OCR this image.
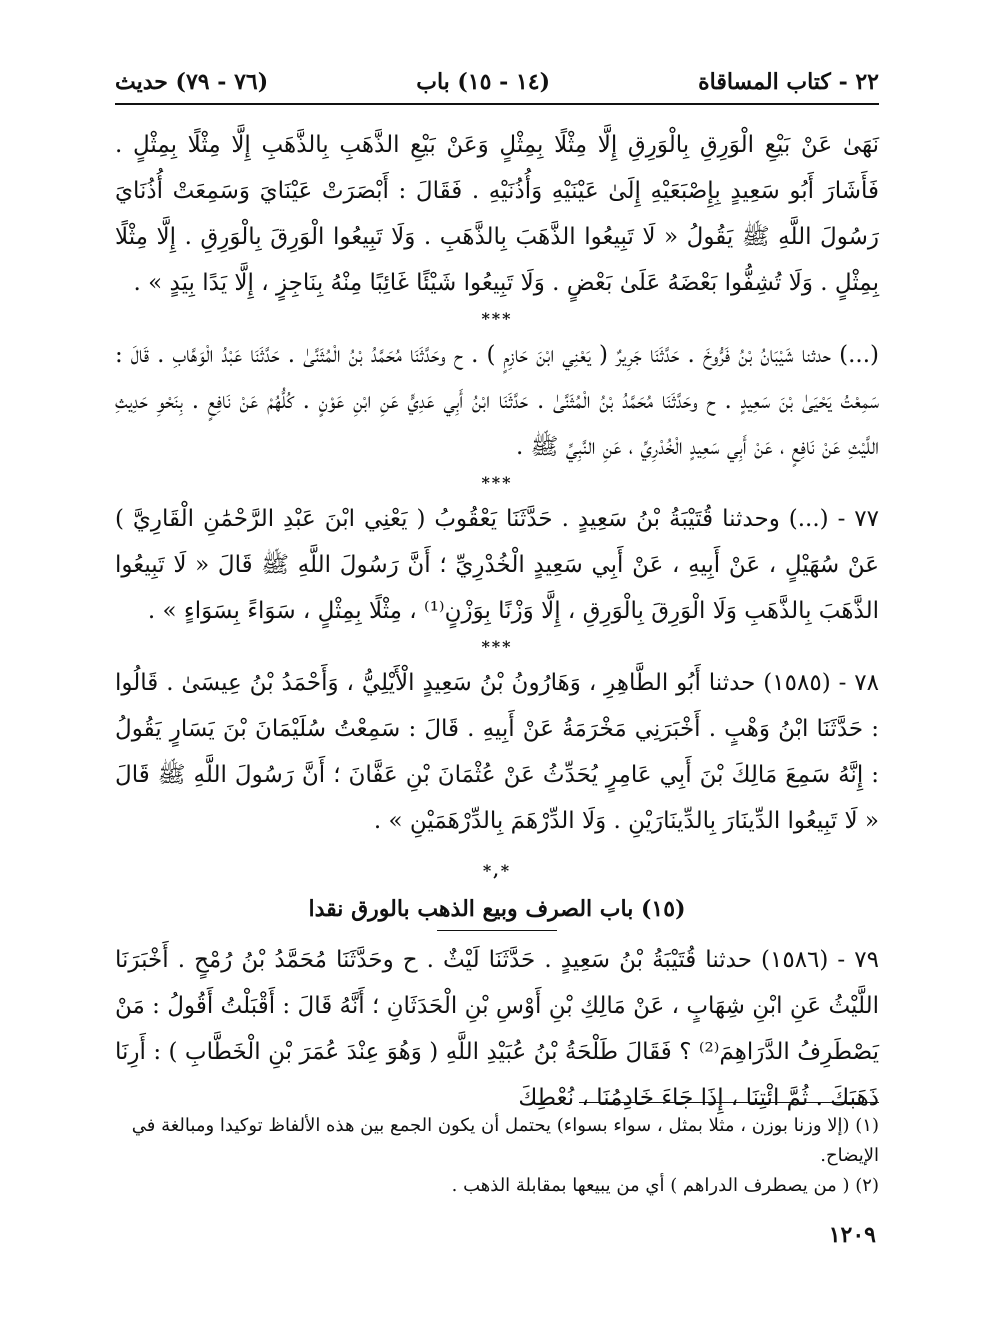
٢٢ - كتاب المساقاة
(١٤ - ١٥) باب
(٧٦ - ٧٩) حديث

نَهَىٰ عَنْ بَيْعِ الْوَرِقِ بِالْوَرِقِ إِلَّا مِثْلًا بِمِثْلٍ وَعَنْ بَيْعِ الذَّهَبِ بِالذَّهَبِ إِلَّا مِثْلًا بِمِثْلٍ . فَأَشَارَ أَبُو سَعِيدٍ بِإِصْبَعَيْهِ إِلَىٰ عَيْنَيْهِ وَأُذُنَيْهِ . فَقَالَ : أَبْصَرَتْ عَيْنَايَ وَسَمِعَتْ أُذُنَايَ رَسُولَ اللَّهِ ﷺ يَقُولُ « لَا تَبِيعُوا الذَّهَبَ بِالذَّهَبِ . وَلَا تَبِيعُوا الْوَرِقَ بِالْوَرِقِ . إِلَّا مِثْلًا بِمِثْلٍ . وَلَا تُشِفُّوا بَعْضَهُ عَلَىٰ بَعْضٍ . وَلَا تَبِيعُوا شَيْئًا غَائِبًا مِنْهُ بِنَاجِزٍ ، إِلَّا يَدًا بِيَدٍ » .

***

(...) حدثنا شَيْبَانُ بْنُ فَرُّوخَ . حَدَّثَنَا جَرِيرٌ ( يَعْنِي ابْنَ حَازِمٍ ) . ح وحَدَّثَنَا مُحَمَّدُ بْنُ الْمُثَنَّىٰ . حَدَّثَنَا عَبْدُ الْوَهَّابِ . قَالَ : سَمِعْتُ يَحْيَىٰ بْنَ سَعِيدٍ . ح وحَدَّثَنَا مُحَمَّدُ بْنُ الْمُثَنَّىٰ . حَدَّثَنَا ابْنُ أَبِي عَدِيٍّ عَنِ ابْنِ عَوْنٍ . كُلُّهُمْ عَنْ نَافِعٍ . بِنَحْوِ حَدِيثِ اللَّيْثِ عَنْ نَافِعٍ ، عَنْ أَبِي سَعِيدٍ الْخُدْرِيِّ ، عَنِ النَّبِيِّ ﷺ .

***

٧٧ - (...) وحدثنا قُتَيْبَةُ بْنُ سَعِيدٍ . حَدَّثَنَا يَعْقُوبُ ( يَعْنِي ابْنَ عَبْدِ الرَّحْمَٰنِ الْقَارِيَّ ) عَنْ سُهَيْلٍ ، عَنْ أَبِيهِ ، عَنْ أَبِي سَعِيدٍ الْخُدْرِيِّ ؛ أَنَّ رَسُولَ اللَّهِ ﷺ قَالَ « لَا تَبِيعُوا الذَّهَبَ بِالذَّهَبِ وَلَا الْوَرِقَ بِالْوَرِقِ ، إِلَّا وَزْنًا بِوَزْنٍ⁽¹⁾ ، مِثْلًا بِمِثْلٍ ، سَوَاءً بِسَوَاءٍ » .

***

٧٨ - (١٥٨٥) حدثنا أَبُو الطَّاهِرِ ، وَهَارُونُ بْنُ سَعِيدٍ الْأَيْلِيُّ ، وَأَحْمَدُ بْنُ عِيسَىٰ . قَالُوا : حَدَّثَنَا ابْنُ وَهْبٍ . أَخْبَرَنِي مَخْرَمَةُ عَنْ أَبِيهِ . قَالَ : سَمِعْتُ سُلَيْمَانَ بْنَ يَسَارٍ يَقُولُ : إِنَّهُ سَمِعَ مَالِكَ بْنَ أَبِي عَامِرٍ يُحَدِّثُ عَنْ عُثْمَانَ بْنِ عَفَّانَ ؛ أَنَّ رَسُولَ اللَّهِ ﷺ قَالَ « لَا تَبِيعُوا الدِّينَارَ بِالدِّينَارَيْنِ . وَلَا الدِّرْهَمَ بِالدِّرْهَمَيْنِ » .

*,*
(١٥) باب الصرف وبيع الذهب بالورق نقدا

٧٩ - (١٥٨٦) حدثنا قُتَيْبَةُ بْنُ سَعِيدٍ . حَدَّثَنَا لَيْثٌ . ح وحَدَّثَنَا مُحَمَّدُ بْنُ رُمْحٍ . أَخْبَرَنَا اللَّيْثُ عَنِ ابْنِ شِهَابٍ ، عَنْ مَالِكِ بْنِ أَوْسِ بْنِ الْحَدَثَانِ ؛ أَنَّهُ قَالَ : أَقْبَلْتُ أَقُولُ : مَنْ يَصْطَرِفُ الدَّرَاهِمَ⁽²⁾ ؟ فَقَالَ طَلْحَةُ بْنُ عُبَيْدِ اللَّهِ ( وَهُوَ عِنْدَ عُمَرَ بْنِ الْخَطَّابِ ) : أَرِنَا ذَهَبَكَ . ثُمَّ ائْتِنَا ، إِذَا جَاءَ خَادِمُنَا ، نُعْطِكَ

(١) (إلا وزنا بوزن ، مثلا بمثل ، سواء بسواء) يحتمل أن يكون الجمع بين هذه الألفاظ توكيدا ومبالغة في الإيضاح.

(٢) ( من يصطرف الدراهم ) أي من يبيعها بمقابلة الذهب .

١٢٠٩
